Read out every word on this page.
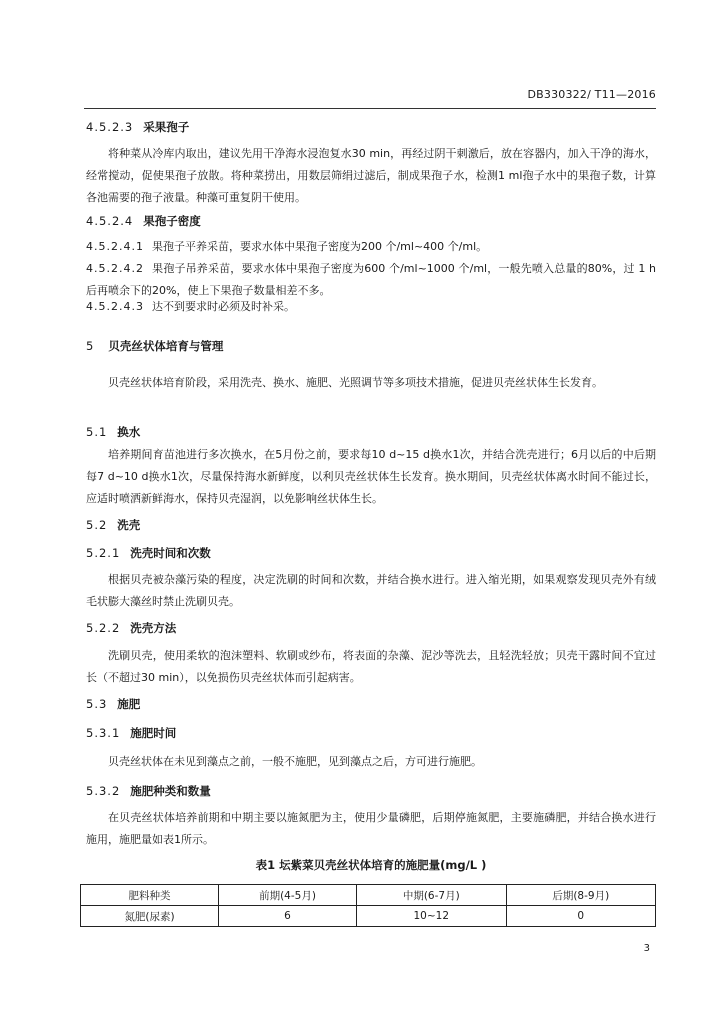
DB330322/ T11—2016
4.5.2.3 采果孢子
将种菜从冷库内取出，建议先用干净海水浸泡复水30 min，再经过阴干刺激后，放在容器内，加入干净的海水，经常搅动，促使果孢子放散。将种菜捞出，用数层筛绢过滤后，制成果孢子水，检测1 ml孢子水中的果孢子数，计算各池需要的孢子液量。种藻可重复阴干使用。
4.5.2.4 果孢子密度
4.5.2.4.1 果孢子平养采苗，要求水体中果孢子密度为200 个/ml~400 个/ml。
4.5.2.4.2 果孢子吊养采苗，要求水体中果孢子密度为600 个/ml~1000 个/ml，一般先喷入总量的80%，过 1 h后再喷余下的20%，使上下果孢子数量相差不多。
4.5.2.4.3 达不到要求时必须及时补采。
5 贝壳丝状体培育与管理
贝壳丝状体培育阶段，采用洗壳、换水、施肥、光照调节等多项技术措施，促进贝壳丝状体生长发育。
5.1 换水
培养期间育苗池进行多次换水，在5月份之前，要求每10 d~15 d换水1次，并结合洗壳进行；6月以后的中后期每7 d~10 d换水1次，尽量保持海水新鲜度，以利贝壳丝状体生长发育。换水期间，贝壳丝状体离水时间不能过长，应适时喷洒新鲜海水，保持贝壳湿润，以免影响丝状体生长。
5.2 洗壳
5.2.1 洗壳时间和次数
根据贝壳被杂藻污染的程度，决定洗刷的时间和次数，并结合换水进行。进入缩光期，如果观察发现贝壳外有绒毛状膨大藻丝时禁止洗刷贝壳。
5.2.2 洗壳方法
洗刷贝壳，使用柔软的泡沫塑料、软刷或纱布，将表面的杂藻、泥沙等洗去，且轻洗轻放；贝壳干露时间不宜过长（不超过30 min），以免损伤贝壳丝状体而引起病害。
5.3 施肥
5.3.1 施肥时间
贝壳丝状体在未见到藻点之前，一般不施肥，见到藻点之后，方可进行施肥。
5.3.2 施肥种类和数量
在贝壳丝状体培养前期和中期主要以施氮肥为主，使用少量磷肥，后期停施氮肥，主要施磷肥，并结合换水进行施用，施肥量如表1所示。
表1 坛紫菜贝壳丝状体培育的施肥量(mg/L )
肥料种类	前期(4-5月)	中期(6-7月)	后期(8-9月)
氮肥(尿素)	6	10~12	0
3
